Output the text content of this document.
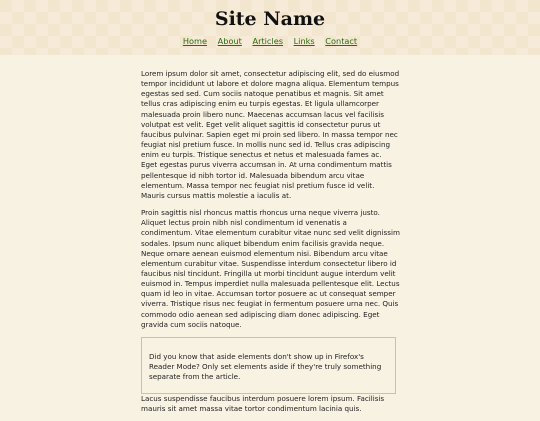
Site Name
Home About Articles Links Contact

Lorem ipsum dolor sit amet, consectetur adipiscing elit, sed do eiusmod tempor incididunt ut labore et dolore magna aliqua. Elementum tempus egestas sed sed. Cum sociis natoque penatibus et magnis. Sit amet tellus cras adipiscing enim eu turpis egestas. Et ligula ullamcorper malesuada proin libero nunc. Maecenas accumsan lacus vel facilisis volutpat est velit. Eget velit aliquet sagittis id consectetur purus ut faucibus pulvinar. Sapien eget mi proin sed libero. In massa tempor nec feugiat nisl pretium fusce. In mollis nunc sed id. Tellus cras adipiscing enim eu turpis. Tristique senectus et netus et malesuada fames ac. Eget egestas purus viverra accumsan in. At urna condimentum mattis pellentesque id nibh tortor id. Malesuada bibendum arcu vitae elementum. Massa tempor nec feugiat nisl pretium fusce id velit. Mauris cursus mattis molestie a iaculis at.

Proin sagittis nisl rhoncus mattis rhoncus urna neque viverra justo. Aliquet lectus proin nibh nisl condimentum id venenatis a condimentum. Vitae elementum curabitur vitae nunc sed velit dignissim sodales. Ipsum nunc aliquet bibendum enim facilisis gravida neque. Neque ornare aenean euismod elementum nisi. Bibendum arcu vitae elementum curabitur vitae. Suspendisse interdum consectetur libero id faucibus nisl tincidunt. Fringilla ut morbi tincidunt augue interdum velit euismod in. Tempus imperdiet nulla malesuada pellentesque elit. Lectus quam id leo in vitae. Accumsan tortor posuere ac ut consequat semper viverra. Tristique risus nec feugiat in fermentum posuere urna nec. Quis commodo odio aenean sed adipiscing diam donec adipiscing. Eget gravida cum sociis natoque.

Did you know that aside elements don't show up in Firefox's Reader Mode? Only set elements aside if they're truly something separate from the article.

Lacus suspendisse faucibus interdum posuere lorem ipsum. Facilisis mauris sit amet massa vitae tortor condimentum lacinia quis.
